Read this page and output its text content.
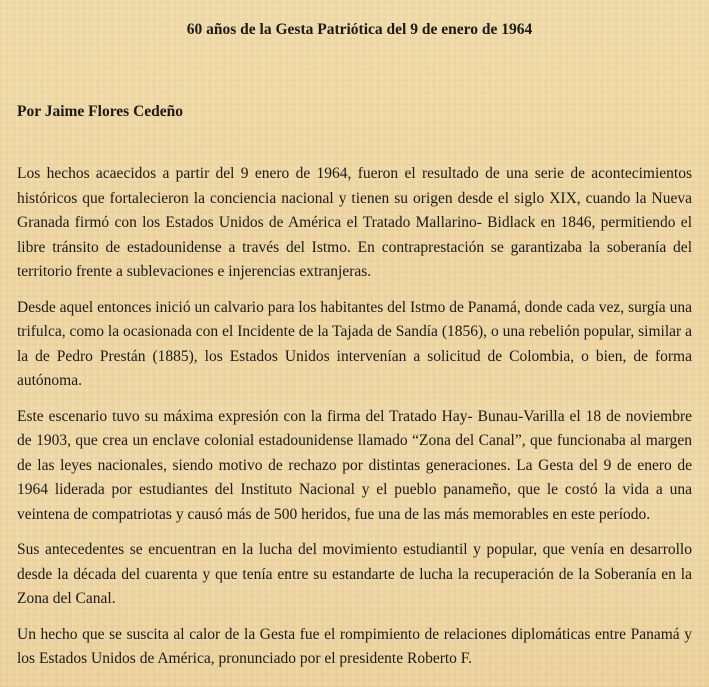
60 años de la Gesta Patriótica del 9 de enero de 1964

Por Jaime Flores Cedeño

Los hechos acaecidos a partir del 9 enero de 1964, fueron el resultado de una serie de acontecimientos históricos que fortalecieron la conciencia nacional y tienen su origen desde el siglo XIX, cuando la Nueva Granada firmó con los Estados Unidos de América el Tratado Mallarino- Bidlack en 1846, permitiendo el libre tránsito de estadounidense a través del Istmo. En contraprestación se garantizaba la soberanía del territorio frente a sublevaciones e injerencias extranjeras.

Desde aquel entonces inició un calvario para los habitantes del Istmo de Panamá, donde cada vez, surgía una trifulca, como la ocasionada con el Incidente de la Tajada de Sandía (1856), o una rebelión popular, similar a la de Pedro Prestán (1885), los Estados Unidos intervenían a solicitud de Colombia, o bien, de forma autónoma.

Este escenario tuvo su máxima expresión con la firma del Tratado Hay- Bunau-Varilla el 18 de noviembre de 1903, que crea un enclave colonial estadounidense llamado “Zona del Canal”, que funcionaba al margen de las leyes nacionales, siendo motivo de rechazo por distintas generaciones. La Gesta del 9 de enero de 1964 liderada por estudiantes del Instituto Nacional y el pueblo panameño, que le costó la vida a una veintena de compatriotas y causó más de 500 heridos, fue una de las más memorables en este período.

Sus antecedentes se encuentran en la lucha del movimiento estudiantil y popular, que venía en desarrollo desde la década del cuarenta y que tenía entre su estandarte de lucha la recuperación de la Soberanía en la Zona del Canal.

Un hecho que se suscita al calor de la Gesta fue el rompimiento de relaciones diplomáticas entre Panamá y los Estados Unidos de América, pronunciado por el presidente Roberto F.
